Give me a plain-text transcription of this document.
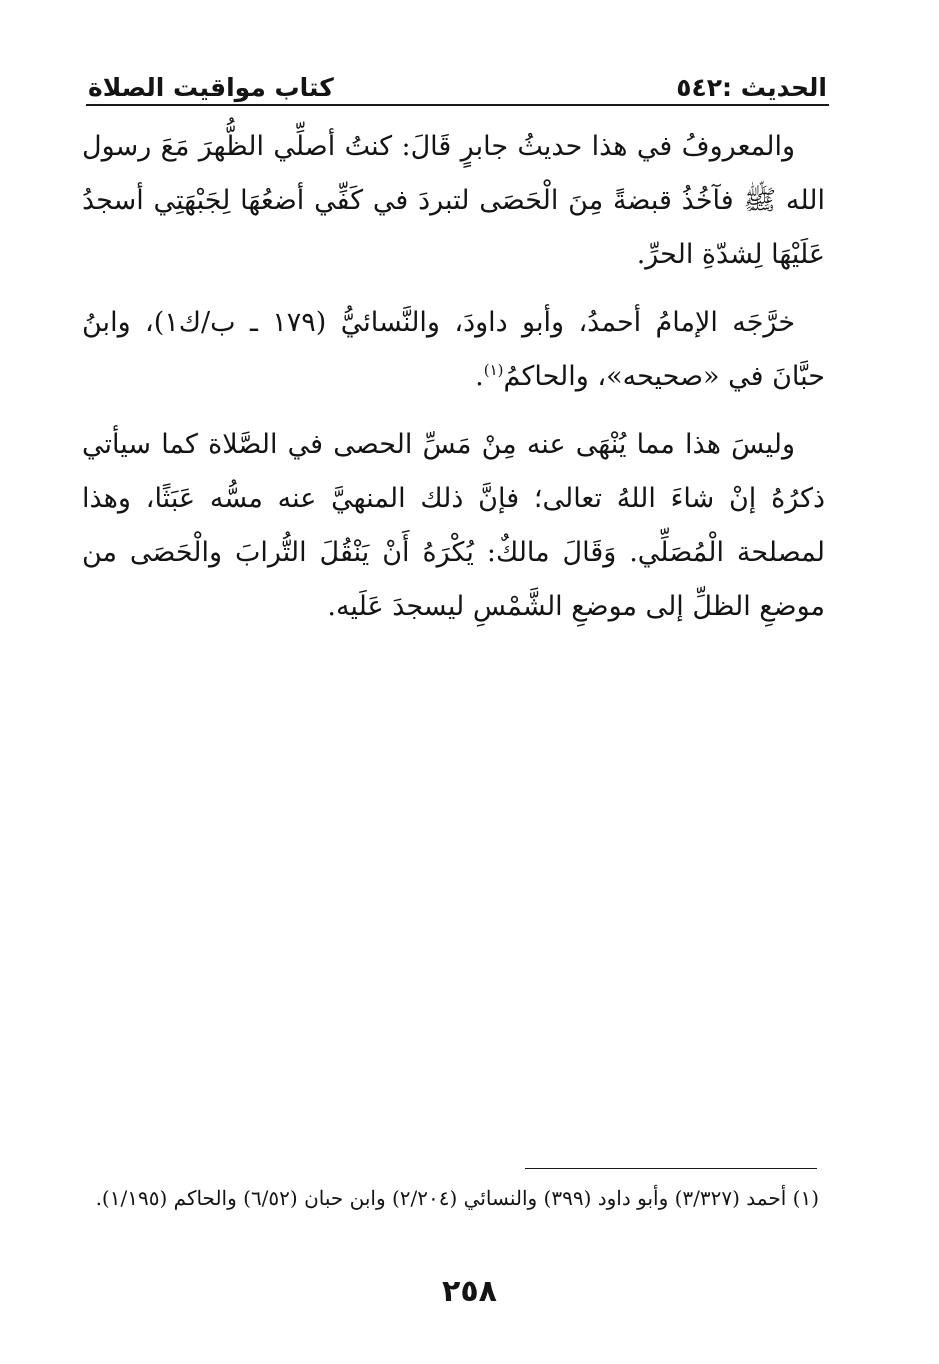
الحديث :٥٤٢
كتاب مواقيت الصلاة

والمعروفُ في هذا حديثُ جابرٍ قَالَ: كنتُ أصلِّي الظُّهرَ مَعَ رسول الله ﷺ فآخُذُ قبضةً مِنَ الْحَصَى لتبردَ في كَفِّي أضعُهَا لِجَبْهَتِي أسجدُ عَلَيْهَا لِشدّةِ الحرِّ.

خرَّجَه الإمامُ أحمدُ، وأبو داودَ، والنَّسائيُّ (١٧٩ ـ ب/ك١)، وابنُ حبَّانَ في «صحيحه»، والحاكمُ$^{(١)}$.

وليسَ هذا مما يُنْهَى عنه مِنْ مَسِّ الحصى في الصَّلاة كما سيأتي ذكرُهُ إنْ شاءَ اللهُ تعالى؛ فإنَّ ذلك المنهيَّ عنه مسُّه عَبَثًا، وهذا لمصلحة الْمُصَلِّي. وَقَالَ مالكٌ: يُكْرَهُ أَنْ يَنْقُلَ التُّرابَ والْحَصَى من موضعِ الظلِّ إلى موضعِ الشَّمْسِ ليسجدَ عَلَيه.

(١) أحمد (٣/٣٢٧) وأبو داود (٣٩٩) والنسائي (٢/٢٠٤) وابن حبان (٦/٥٢) والحاكم (١/١٩٥).

٢٥٨
